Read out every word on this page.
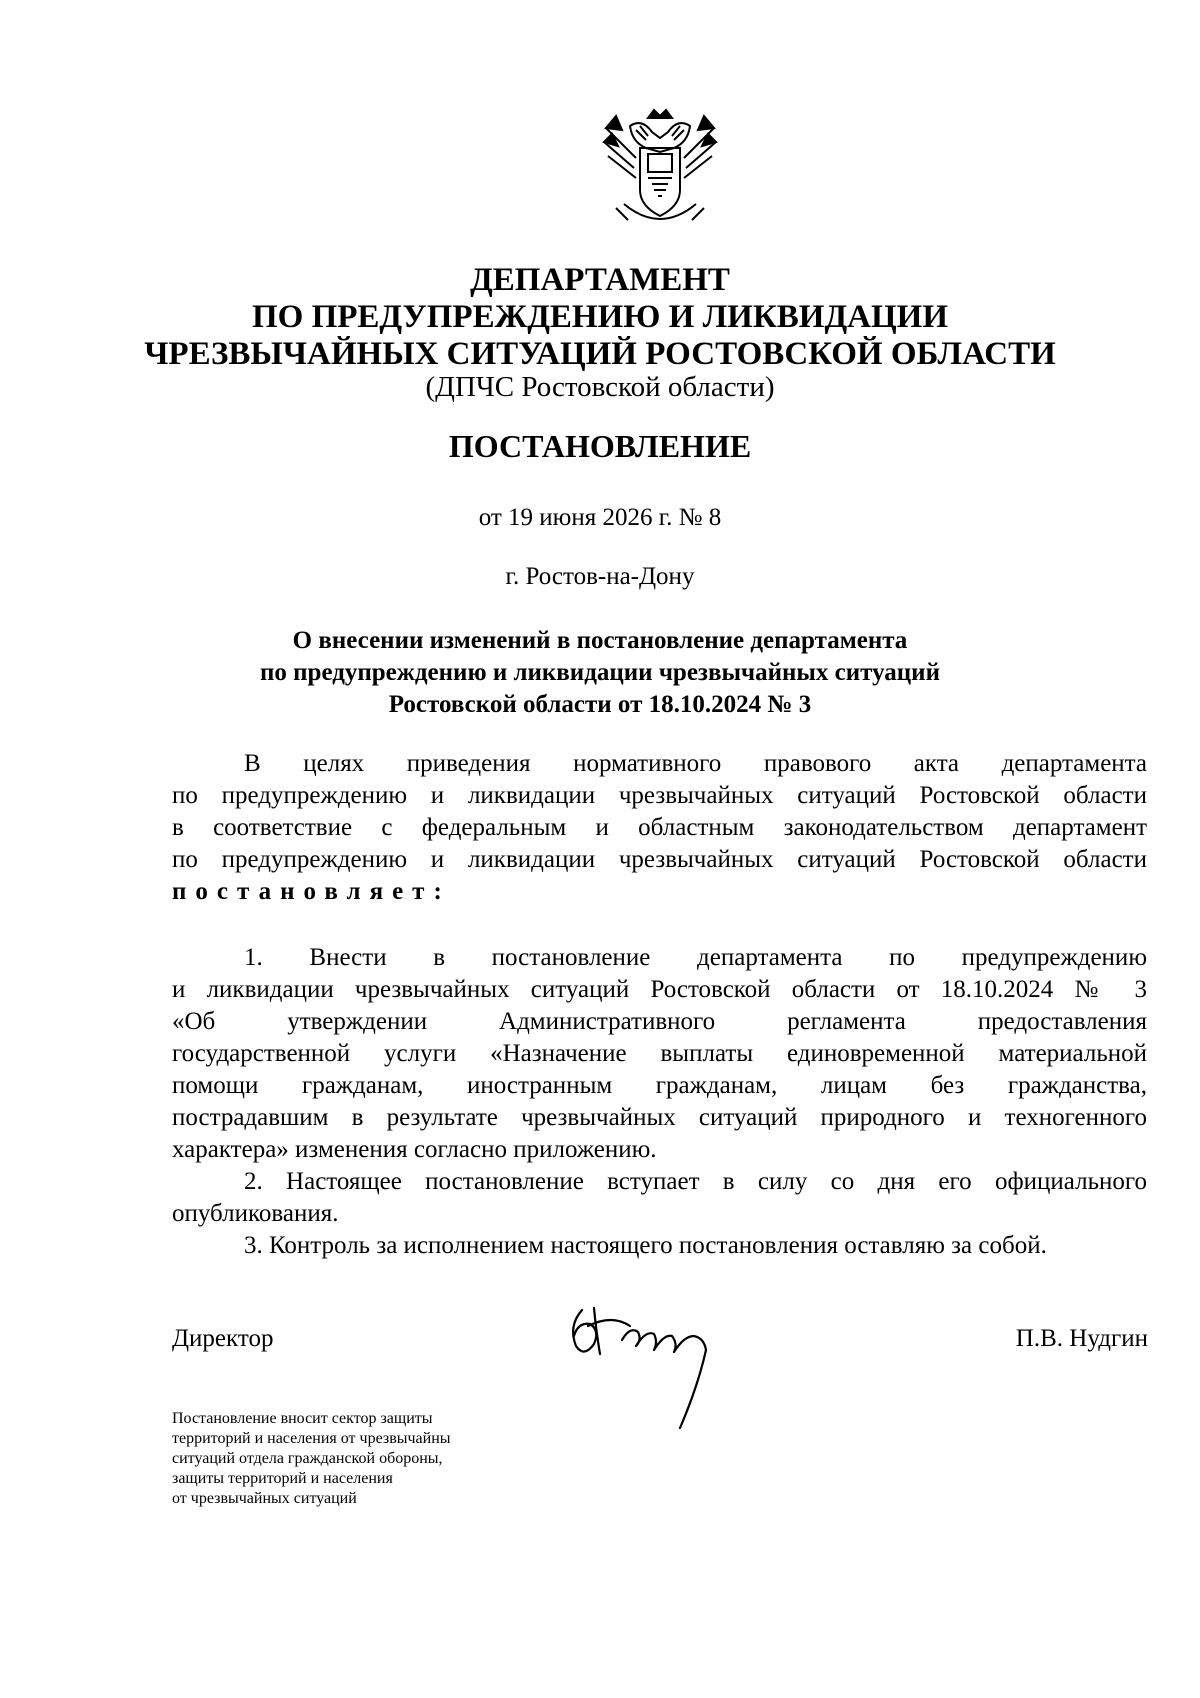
ДЕПАРТАМЕНТ
ПО ПРЕДУПРЕЖДЕНИЮ И ЛИКВИДАЦИИ
ЧРЕЗВЫЧАЙНЫХ СИТУАЦИЙ РОСТОВСКОЙ ОБЛАСТИ
(ДПЧС Ростовской области)
ПОСТАНОВЛЕНИЕ
от 19 июня 2026 г. № 8
г. Ростов-на-Дону
О внесении изменений в постановление департамента
по предупреждению и ликвидации чрезвычайных ситуаций
Ростовской области от 18.10.2024 № 3
В целях приведения нормативного правового акта департамента
по предупреждению и ликвидации чрезвычайных ситуаций Ростовской области
в соответствие с федеральным и областным законодательством департамент
по предупреждению и ликвидации чрезвычайных ситуаций Ростовской области
постановляет:
1. Внести в постановление департамента по предупреждению
и ликвидации чрезвычайных ситуаций Ростовской области от 18.10.2024 № 3
«Об утверждении Административного регламента предоставления
государственной услуги «Назначение выплаты единовременной материальной
помощи гражданам, иностранным гражданам, лицам без гражданства,
пострадавшим в результате чрезвычайных ситуаций природного и техногенного
характера» изменения согласно приложению.
2. Настоящее постановление вступает в силу со дня его официального
опубликования.
3. Контроль за исполнением настоящего постановления оставляю за собой.
Директор	П.В. Нудгин
Постановление вносит сектор защиты
территорий и населения от чрезвычайны
ситуаций отдела гражданской обороны,
защиты территорий и населения
от чрезвычайных ситуаций
